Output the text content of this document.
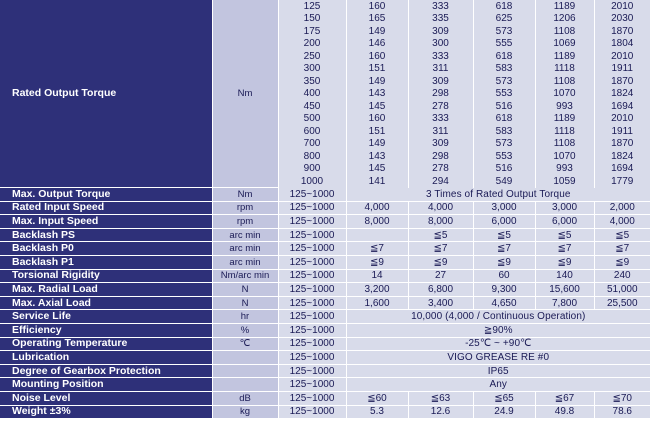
Rated Output Torque	Nm	125	160	333	618	1189	2010
		150	165	335	625	1206	2030
		175	149	309	573	1108	1870
		200	146	300	555	1069	1804
		250	160	333	618	1189	2010
		300	151	311	583	1118	1911
		350	149	309	573	1108	1870
		400	143	298	553	1070	1824
		450	145	278	516	993	1694
		500	160	333	618	1189	2010
		600	151	311	583	1118	1911
		700	149	309	573	1108	1870
		800	143	298	553	1070	1824
		900	145	278	516	993	1694
		1000	141	294	549	1059	1779
Max. Output Torque	Nm	125~1000	3 Times of Rated Output Torque				
Rated Input Speed	rpm	125~1000	4,000	4,000	3,000	3,000	2,000
Max. Input Speed	rpm	125~1000	8,000	8,000	6,000	6,000	4,000
Backlash PS	arc min	125~1000		≦5	≦5	≦5	≦5
Backlash P0	arc min	125~1000	≦7	≦7	≦7	≦7	≦7
Backlash P1	arc min	125~1000	≦9	≦9	≦9	≦9	≦9
Torsional Rigidity	Nm/arc min	125~1000	14	27	60	140	240
Max. Radial Load	N	125~1000	3,200	6,800	9,300	15,600	51,000
Max. Axial Load	N	125~1000	1,600	3,400	4,650	7,800	25,500
Service Life	hr	125~1000	10,000 (4,000 / Continuous Operation)				
Efficiency	%	125~1000	≧90%				
Operating Temperature	℃	125~1000	-25℃ ~ +90℃				
Lubrication		125~1000	VIGO GREASE RE #0				
Degree of Gearbox Protection		125~1000	IP65				
Mounting Position		125~1000	Any				
Noise Level	dB	125~1000	≦60	≦63	≦65	≦67	≦70
Weight ±3%	kg	125~1000	5.3	12.6	24.9	49.8	78.6
